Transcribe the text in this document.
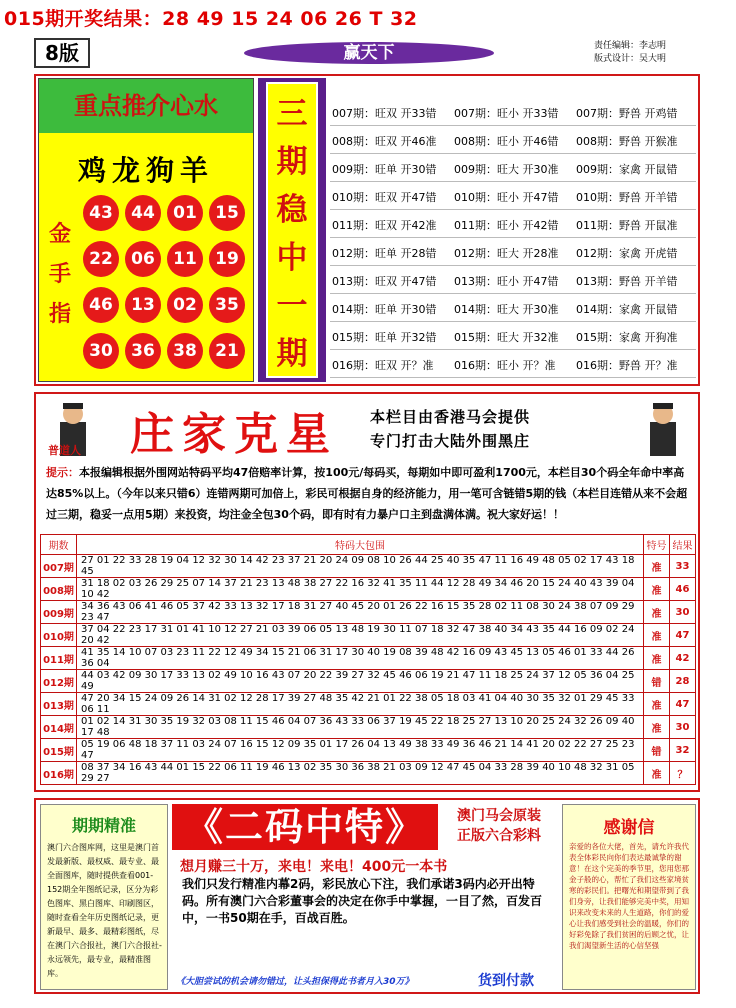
015期开奖结果：28 49 15 24 06 26 T 32
8版	赢天下	责任编辑：李志明
版式设计：吴大明
重点推介心水
鸡龙狗羊
金手指
43	44	01	15
22	06	11	19
46	13	02	35
30	36	38	21
三期稳中一期
007期：旺双 开33错 007期：旺小 开33错 007期：野兽 开鸡错
008期：旺双 开46准 008期：旺小 开46错 008期：野兽 开猴准
009期：旺单 开30错 009期：旺大 开30准 009期：家禽 开鼠错
010期：旺双 开47错 010期：旺小 开47错 010期：野兽 开羊错
011期：旺双 开42准 011期：旺小 开42错 011期：野兽 开鼠准
012期：旺单 开28错 012期：旺大 开28准 012期：家禽 开虎错
013期：旺双 开47错 013期：旺小 开47错 013期：野兽 开羊错
014期：旺单 开30错 014期：旺大 开30准 014期：家禽 开鼠错
015期：旺单 开32错 015期：旺大 开32准 015期：家禽 开狗准
016期：旺双 开？准 016期：旺小 开？准 016期：野兽 开？准
普道人 庄家克星 本栏目由香港马会提供
专门打击大陆外围黑庄
提示：本报编辑根据外围网站特码平均47倍赔率计算，按100元/每码买，每期如中即可盈利1700元，本栏目30个码全年命中率高达85%以上。（今年以来只错6）连错两期可加倍上，彩民可根据自身的经济能力，用一笔可含链错5期的钱（本栏目连错从来不会超过三期，稳妥一点用5期）来投资，均注金全包30个码，即有时有力暴户口主到盘满体满。祝大家好运！！
期数	特码大包围	特号	结果
007期	27 01 22 33 28 19 04 12 32 30 14 42 23 37 21 20 24 09 08 10 26 44 25 40 35 47 11 16 49 48 05 02 17 43 18 45	准	33
008期	31 18 02 03 26 29 25 07 14 37 21 23 13 48 38 27 22 16 32 41 35 11 44 12 28 49 34 46 20 15 24 40 43 39 04 10 42	准	46
009期	34 36 43 06 41 46 05 37 42 33 13 32 17 18 31 27 40 45 20 01 26 22 16 15 35 28 02 11 08 30 24 38 07 09 29 23 47	准	30
010期	37 04 22 23 17 31 01 41 10 12 27 21 03 39 06 05 13 48 19 30 11 07 18 32 47 38 40 34 43 35 44 16 09 02 24 20 42	准	47
011期	41 35 14 10 07 03 23 11 22 12 49 34 15 21 06 31 17 30 40 19 08 39 48 42 16 09 43 45 13 05 46 01 33 44 26 36 04	准	42
012期	44 03 42 09 30 17 33 13 02 49 10 16 43 07 20 22 39 27 32 45 46 06 19 21 47 11 18 25 24 37 12 05 36 04 25 49	错	28
013期	47 20 34 15 24 09 26 14 31 02 12 28 17 39 27 48 35 42 21 01 22 38 05 18 03 41 04 40 30 35 32 01 29 45 33 06 11	准	47
014期	01 02 14 31 30 35 19 32 03 08 11 15 46 04 07 36 43 33 06 37 19 45 22 18 25 27 13 10 20 25 24 32 26 09 40 17 48	准	30
015期	05 19 06 48 18 37 11 03 24 07 16 15 12 09 35 01 17 26 04 13 49 38 33 49 36 46 21 14 41 20 02 22 27 25 23 47	错	32
016期	08 37 34 16 43 44 01 15 22 06 11 19 46 13 02 35 30 36 38 21 03 09 12 47 45 04 33 28 39 40 10 48 32 31 05 29 27	准	？
期期精准
澳门六合图库网，这里是澳门首发最新版、最权威、最专业、最全面图库，随时提供查看001-152期全年图纸记录，区分为彩色图库、黑白图库、印刷图区，随时查看全年历史图纸记录，更新最早、最多、最精彩图纸，尽在澳门六合报社，澳门六合报社-永远领先，最专业，最精准图库。
《二码中特》	澳门马会原装
正版六合彩料
想月赚三十万，来电！来电！400元一本书
我们只发行精准内幕2码，彩民放心下注，我们承诺3码内必开出特码。所有澳门六合彩董事会的决定在你手中掌握，一目了然，百发百中，一书50期在手，百战百胜。
《大胆尝试的机会请勿错过，让头担保得此书者月入30万》	货到付款
感谢信
亲爱的各位大佬，首先，请允许我代表全体彩民向你们表达最诚挚的谢意！在这个完美的季节里，您用您那金子般的心，帮忙了我们这些家境贫寒的彩民们。把曙光和期望带到了我们身旁，让我们能够完美中奖，用知识来改变未来的人生道路，你们的爱心让我们感受到社会的温暖，你们的好彩免除了我们贫困的后顾之忧，让我们渴望新生活的心信坚强
